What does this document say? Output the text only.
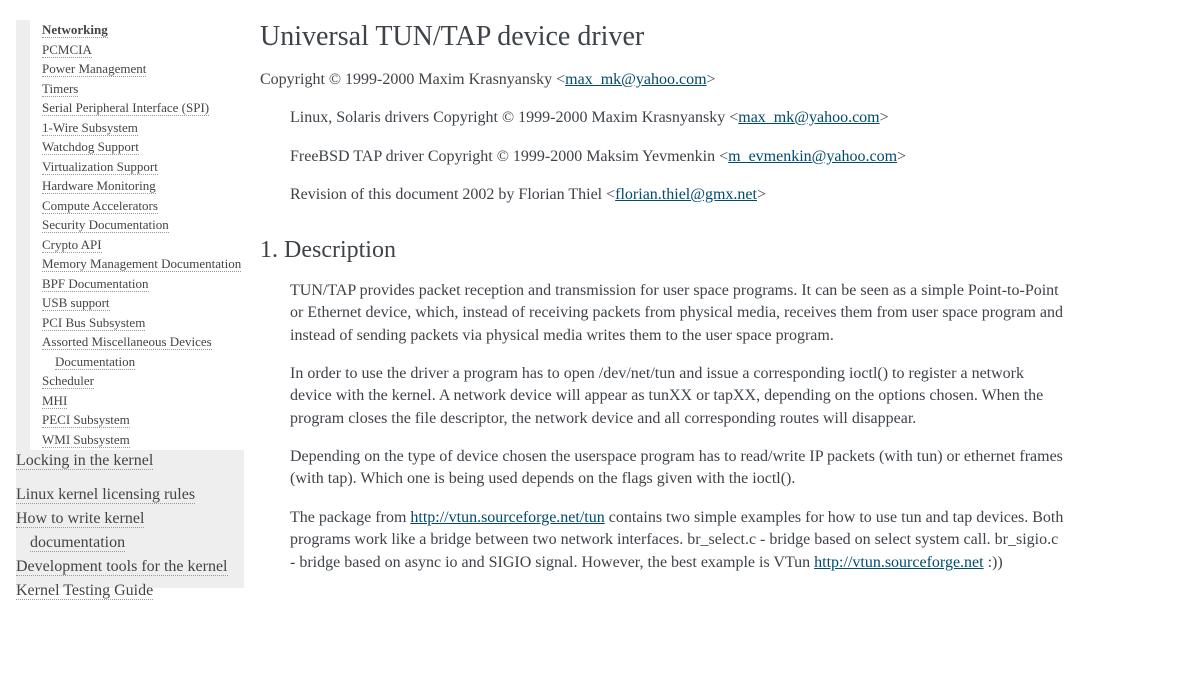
Networking
PCMCIA
Power Management
Timers
Serial Peripheral Interface (SPI)
1-Wire Subsystem
Watchdog Support
Virtualization Support
Hardware Monitoring
Compute Accelerators
Security Documentation
Crypto API
Memory Management Documentation
BPF Documentation
USB support
PCI Bus Subsystem
Assorted Miscellaneous Devices
Documentation
Scheduler
MHI
PECI Subsystem
WMI Subsystem
Locking in the kernel
Linux kernel licensing rules
How to write kernel
documentation
Development tools for the kernel
Kernel Testing Guide
Universal TUN/TAP device driver

Copyright © 1999-2000 Maxim Krasnyansky <max_mk@yahoo.com>

Linux, Solaris drivers Copyright © 1999-2000 Maxim Krasnyansky <max_mk@yahoo.com>

FreeBSD TAP driver Copyright © 1999-2000 Maksim Yevmenkin <m_evmenkin@yahoo.com>

Revision of this document 2002 by Florian Thiel <florian.thiel@gmx.net>

1. Description

TUN/TAP provides packet reception and transmission for user space programs. It can be seen as a simple Point-to-Point or Ethernet device, which, instead of receiving packets from physical media, receives them from user space program and instead of sending packets via physical media writes them to the user space program.

In order to use the driver a program has to open /dev/net/tun and issue a corresponding ioctl() to register a network device with the kernel. A network device will appear as tunXX or tapXX, depending on the options chosen. When the program closes the file descriptor, the network device and all corresponding routes will disappear.

Depending on the type of device chosen the userspace program has to read/write IP packets (with tun) or ethernet frames (with tap). Which one is being used depends on the flags given with the ioctl().

The package from http://vtun.sourceforge.net/tun contains two simple examples for how to use tun and tap devices. Both programs work like a bridge between two network interfaces. br_select.c - bridge based on select system call. br_sigio.c - bridge based on async io and SIGIO signal. However, the best example is VTun http://vtun.sourceforge.net :))
